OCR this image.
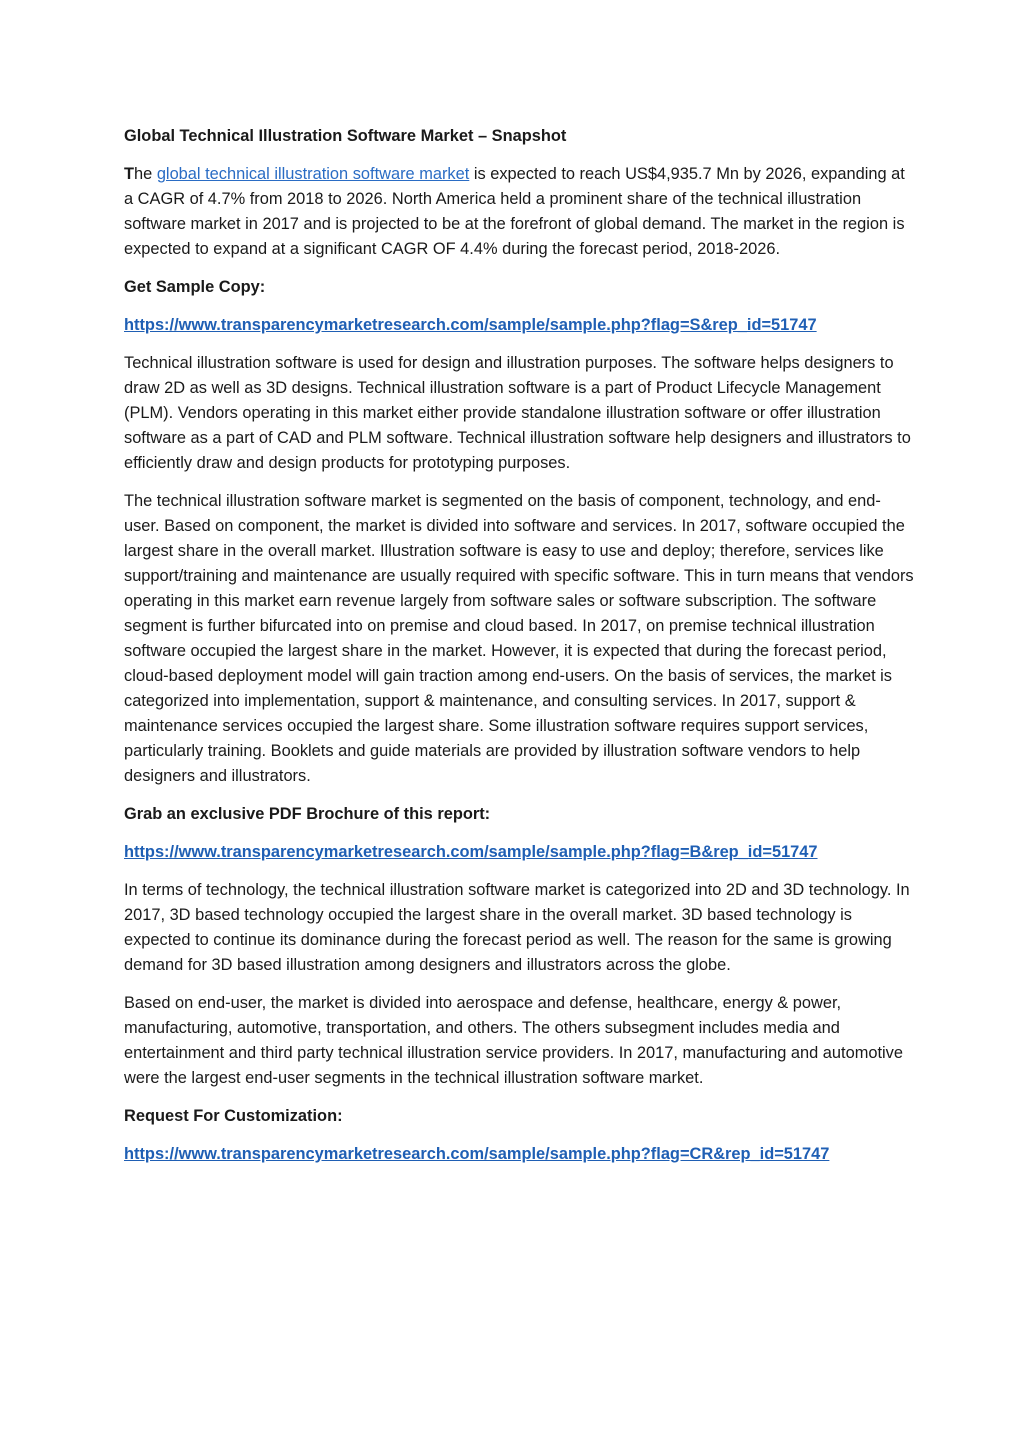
Global Technical Illustration Software Market – Snapshot

The global technical illustration software market is expected to reach US$4,935.7 Mn by 2026, expanding at a CAGR of 4.7% from 2018 to 2026. North America held a prominent share of the technical illustration software market in 2017 and is projected to be at the forefront of global demand. The market in the region is expected to expand at a significant CAGR OF 4.4% during the forecast period, 2018-2026.

Get Sample Copy:
https://www.transparencymarketresearch.com/sample/sample.php?flag=S&rep_id=51747

Technical illustration software is used for design and illustration purposes. The software helps designers to draw 2D as well as 3D designs. Technical illustration software is a part of Product Lifecycle Management (PLM). Vendors operating in this market either provide standalone illustration software or offer illustration software as a part of CAD and PLM software. Technical illustration software help designers and illustrators to efficiently draw and design products for prototyping purposes.

The technical illustration software market is segmented on the basis of component, technology, and end-user. Based on component, the market is divided into software and services. In 2017, software occupied the largest share in the overall market. Illustration software is easy to use and deploy; therefore, services like support/training and maintenance are usually required with specific software. This in turn means that vendors operating in this market earn revenue largely from software sales or software subscription. The software segment is further bifurcated into on premise and cloud based. In 2017, on premise technical illustration software occupied the largest share in the market. However, it is expected that during the forecast period, cloud-based deployment model will gain traction among end-users. On the basis of services, the market is categorized into implementation, support & maintenance, and consulting services. In 2017, support & maintenance services occupied the largest share. Some illustration software requires support services, particularly training. Booklets and guide materials are provided by illustration software vendors to help designers and illustrators.

Grab an exclusive PDF Brochure of this report:
https://www.transparencymarketresearch.com/sample/sample.php?flag=B&rep_id=51747

In terms of technology, the technical illustration software market is categorized into 2D and 3D technology. In 2017, 3D based technology occupied the largest share in the overall market. 3D based technology is expected to continue its dominance during the forecast period as well. The reason for the same is growing demand for 3D based illustration among designers and illustrators across the globe.

Based on end-user, the market is divided into aerospace and defense, healthcare, energy & power, manufacturing, automotive, transportation, and others. The others subsegment includes media and entertainment and third party technical illustration service providers. In 2017, manufacturing and automotive were the largest end-user segments in the technical illustration software market.

Request For Customization:
https://www.transparencymarketresearch.com/sample/sample.php?flag=CR&rep_id=51747
